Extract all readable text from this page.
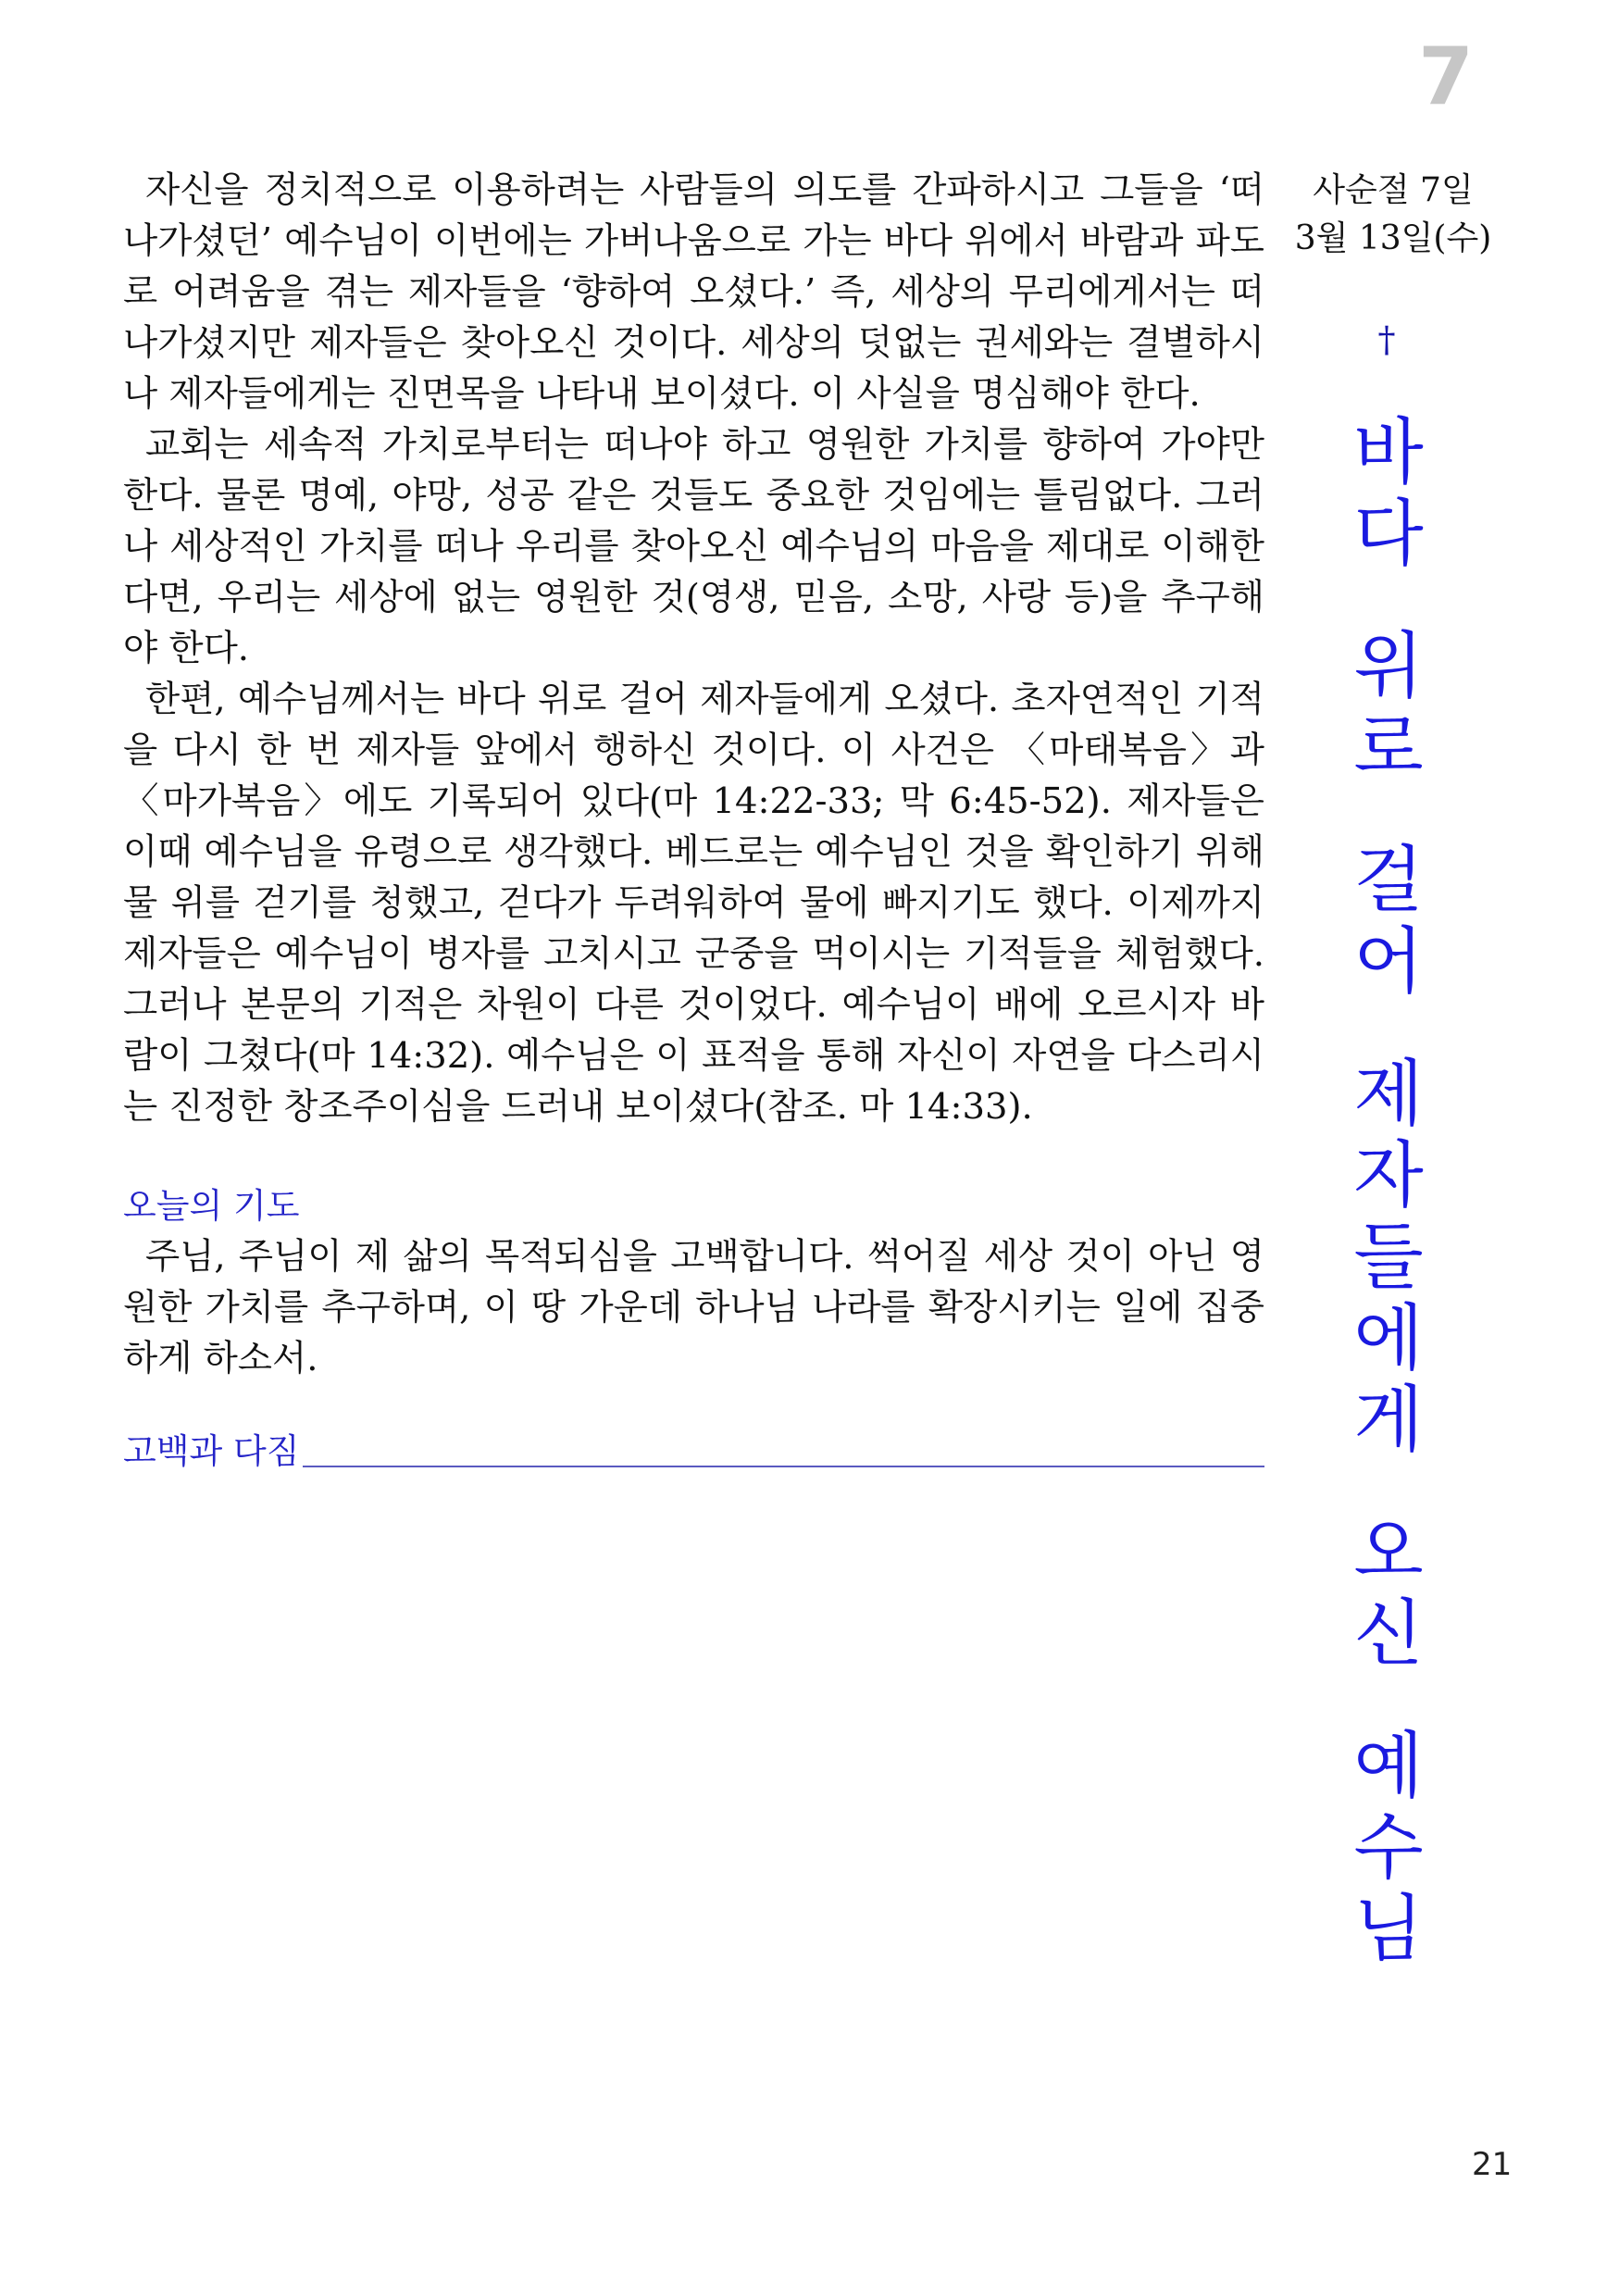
7
사순절 7일
3월 13일(수)
†
바
다
위
로
걸
어
제
자
들
에
게
오
신
예
수
님

자신을 정치적으로 이용하려는 사람들의 의도를 간파하시고 그들을 ‘떠나가셨던’ 예수님이 이번에는 가버나움으로 가는 바다 위에서 바람과 파도로 어려움을 겪는 제자들을 ‘향하여 오셨다.’ 즉, 세상의 무리에게서는 떠나가셨지만 제자들은 찾아오신 것이다. 세상의 덧없는 권세와는 결별하시나 제자들에게는 진면목을 나타내 보이셨다. 이 사실을 명심해야 한다.

교회는 세속적 가치로부터는 떠나야 하고 영원한 가치를 향하여 가야만 한다. 물론 명예, 야망, 성공 같은 것들도 중요한 것임에는 틀림없다. 그러나 세상적인 가치를 떠나 우리를 찾아오신 예수님의 마음을 제대로 이해한다면, 우리는 세상에 없는 영원한 것(영생, 믿음, 소망, 사랑 등)을 추구해야 한다.

한편, 예수님께서는 바다 위로 걸어 제자들에게 오셨다. 초자연적인 기적을 다시 한 번 제자들 앞에서 행하신 것이다. 이 사건은 〈마태복음〉과 〈마가복음〉에도 기록되어 있다(마 14:22-33; 막 6:45-52). 제자들은 이때 예수님을 유령으로 생각했다. 베드로는 예수님인 것을 확인하기 위해 물 위를 걷기를 청했고, 걷다가 두려워하여 물에 빠지기도 했다. 이제까지 제자들은 예수님이 병자를 고치시고 군중을 먹이시는 기적들을 체험했다. 그러나 본문의 기적은 차원이 다른 것이었다. 예수님이 배에 오르시자 바람이 그쳤다(마 14:32). 예수님은 이 표적을 통해 자신이 자연을 다스리시는 진정한 창조주이심을 드러내 보이셨다(참조. 마 14:33).

오늘의 기도

주님, 주님이 제 삶의 목적되심을 고백합니다. 썩어질 세상 것이 아닌 영원한 가치를 추구하며, 이 땅 가운데 하나님 나라를 확장시키는 일에 집중하게 하소서.

고백과 다짐
21
